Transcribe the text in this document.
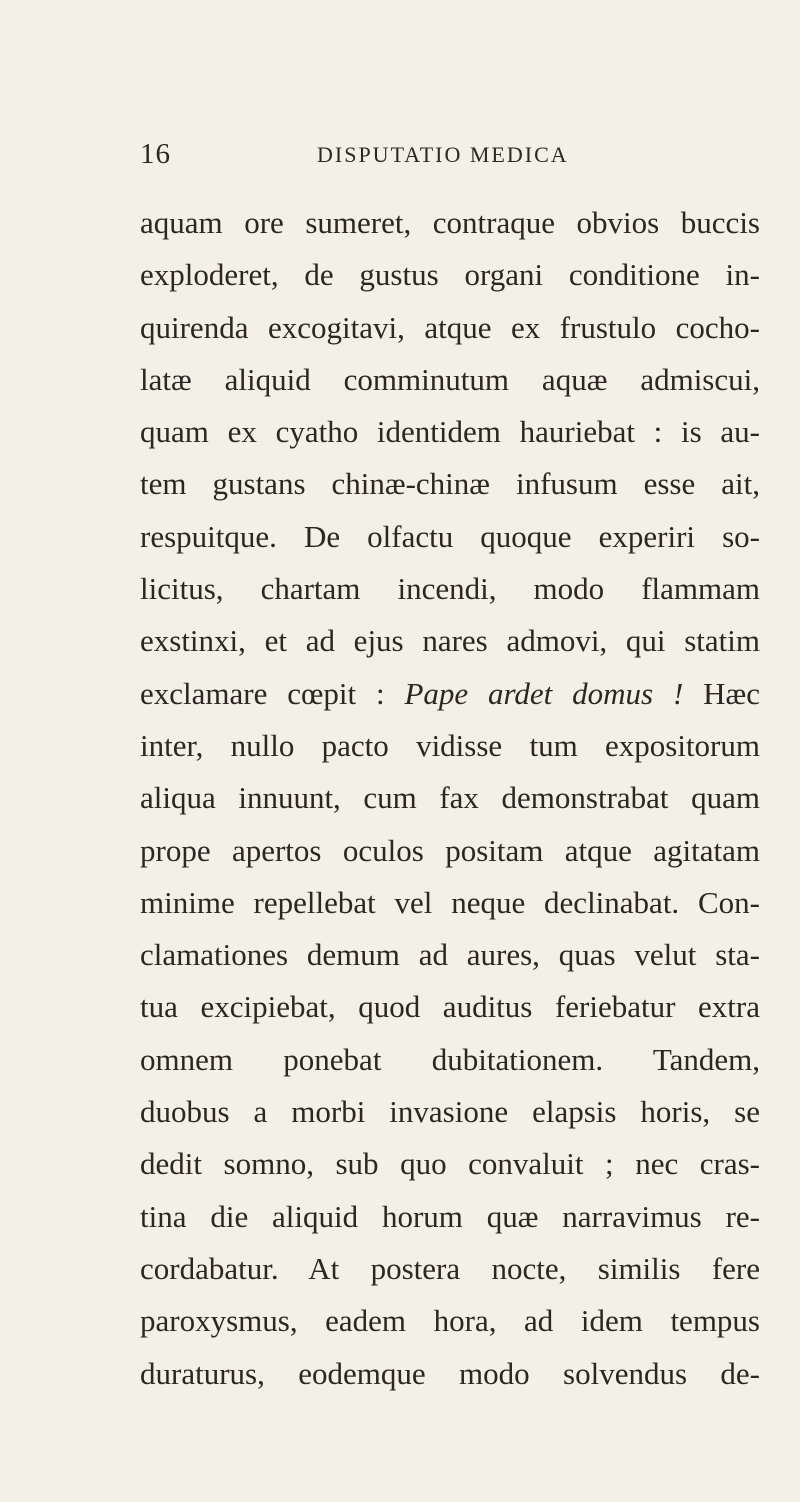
16	DISPUTATIO MEDICA
aquam ore sumeret, contraque obvios buccis
exploderet, de gustus organi conditione in-
quirenda excogitavi, atque ex frustulo cocho-
latæ aliquid comminutum aquæ admiscui,
quam ex cyatho identidem hauriebat : is au-
tem gustans chinæ-chinæ infusum esse ait,
respuitque. De olfactu quoque experiri so-
licitus, chartam incendi, modo flammam
exstinxi, et ad ejus nares admovi, qui statim
exclamare cœpit : Pape ardet domus ! Hæc
inter, nullo pacto vidisse tum expositorum
aliqua innuunt, cum fax demonstrabat quam
prope apertos oculos positam atque agitatam
minime repellebat vel neque declinabat. Con-
clamationes demum ad aures, quas velut sta-
tua excipiebat, quod auditus feriebatur extra
omnem ponebat dubitationem. Tandem,
duobus a morbi invasione elapsis horis, se
dedit somno, sub quo convaluit ; nec cras-
tina die aliquid horum quæ narravimus re-
cordabatur. At postera nocte, similis fere
paroxysmus, eadem hora, ad idem tempus
duraturus, eodemque modo solvendus de-
